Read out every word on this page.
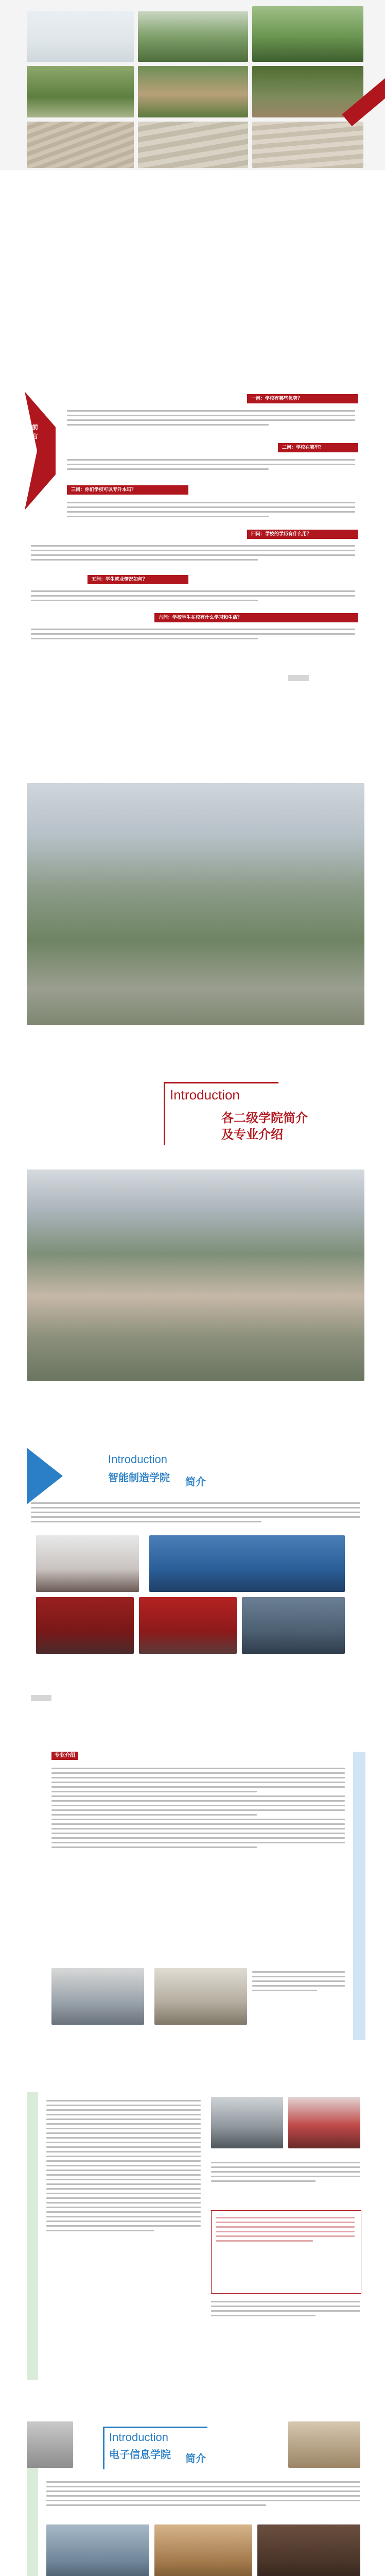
前
言
一问：学校有哪些优势？
二问：学校在哪里？
三问：你们学校可以专升本吗？
四问：学校的学历有什么用？
五问：学生就业情况如何？
六问：学校学生在校有什么学习和生活？
Introduction
各二级学院简介
及专业介绍
Introduction
智能制造学院 简介
专业介绍
Introduction
电子信息学院 简介
